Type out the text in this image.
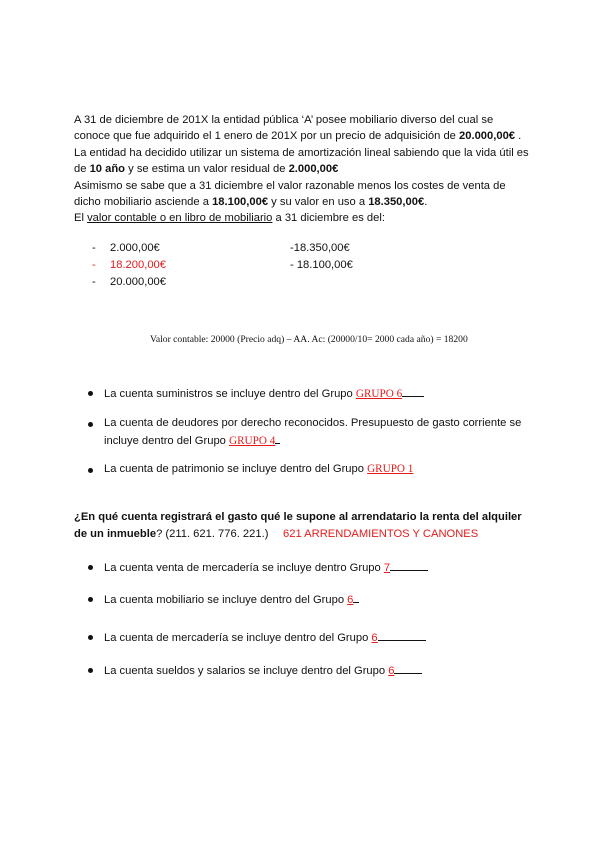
A 31 de diciembre de 201X la entidad pública ‘A’ posee mobiliario diverso del cual se
conoce que fue adquirido el 1 enero de 201X por un precio de adquisición de 20.000,00€ .
La entidad ha decidido utilizar un sistema de amortización lineal sabiendo que la vida útil es
de 10 año y se estima un valor residual de 2.000,00€
Asimismo se sabe que a 31 diciembre el valor razonable menos los costes de venta de
dicho mobiliario asciende a 18.100,00€ y su valor en uso a 18.350,00€.
El valor contable o en libro de mobiliario a 31 diciembre es del:
- 2.000,00€
- 18.200,00€
- 20.000,00€
-18.350,00€
- 18.100,00€
Valor contable: 20000 (Precio adq) – AA. Ac: (20000/10= 2000 cada año) = 18200
La cuenta suministros se incluye dentro del Grupo GRUPO 6
La cuenta de deudores por derecho reconocidos. Presupuesto de gasto corriente se
incluye dentro del Grupo GRUPO 4
La cuenta de patrimonio se incluye dentro del Grupo GRUPO 1
¿En qué cuenta registrará el gasto qué le supone al arrendatario la renta del alquiler
de un inmueble? (211. 621. 776. 221.) 621 ARRENDAMIENTOS Y CANONES
La cuenta venta de mercadería se incluye dentro Grupo 7
La cuenta mobiliario se incluye dentro del Grupo 6
La cuenta de mercadería se incluye dentro del Grupo 6
La cuenta sueldos y salarios se incluye dentro del Grupo 6
